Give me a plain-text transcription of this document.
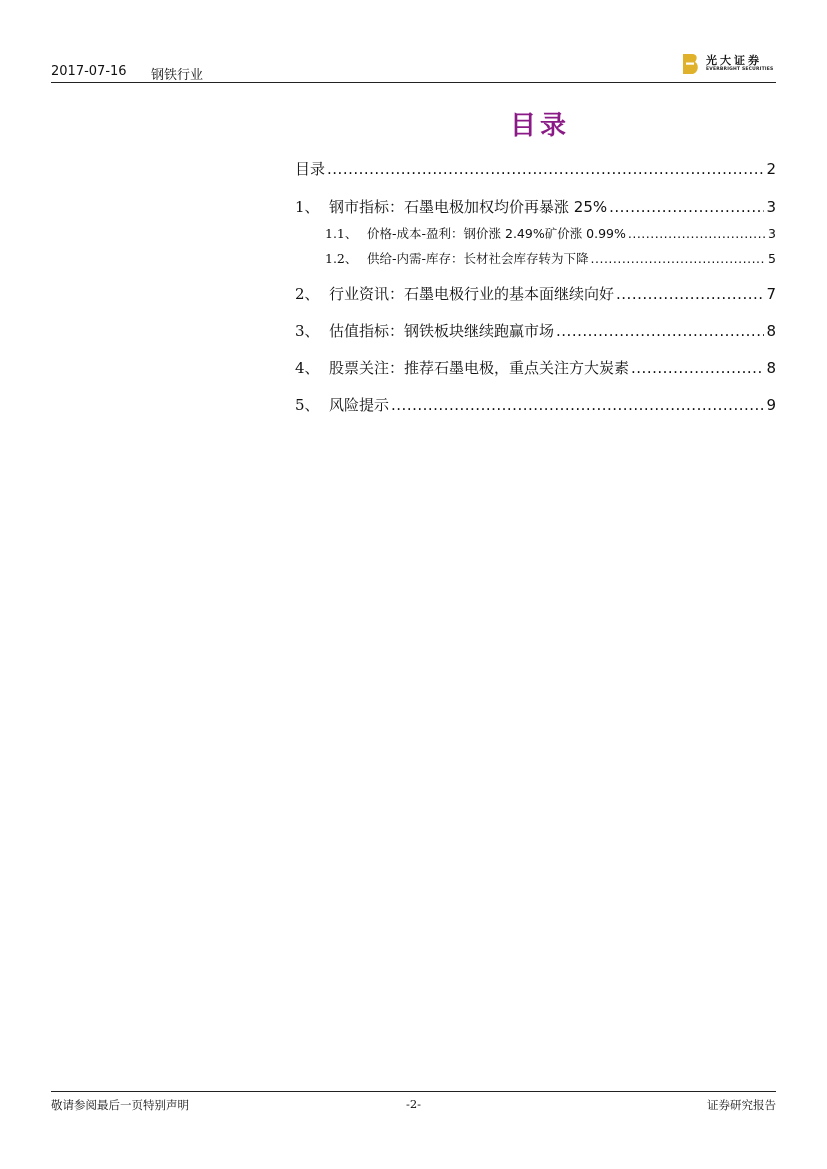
2017-07-16 钢铁行业
光大证券
EVERBRIGHT SECURITIES
目录
目录 .....	2
1、 钢市指标：石墨电极加权均价再暴涨 25% .....	3
1.1、 价格-成本-盈利：钢价涨 2.49%矿价涨 0.99% .....	3
1.2、 供给-内需-库存：长材社会库存转为下降 .....	5
2、 行业资讯：石墨电极行业的基本面继续向好 .....	7
3、 估值指标：钢铁板块继续跑赢市场 .....	8
4、 股票关注：推荐石墨电极，重点关注方大炭素 .....	8
5、 风险提示 .....	9
敬请参阅最后一页特别声明	-2-	证券研究报告
